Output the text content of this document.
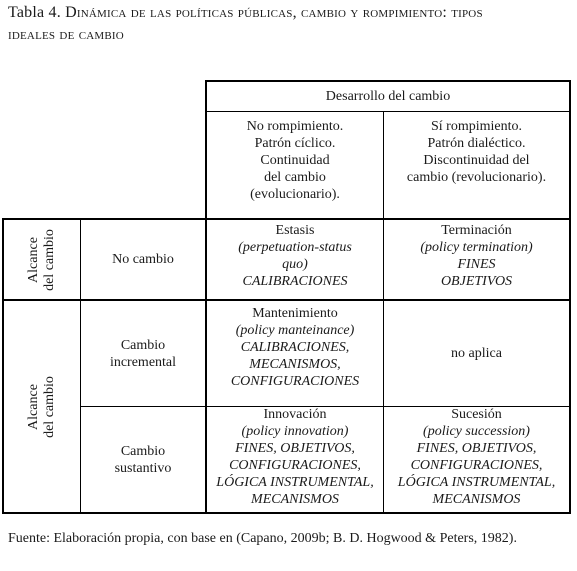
Tabla 4. Dinámica de las políticas públicas, cambio y rompimiento: tipos
ideales de cambio
Desarrollo del cambio
No rompimiento.
Patrón cíclico.
Continuidad
del cambio
(evolucionario).
Sí rompimiento.
Patrón dialéctico.
Discontinuidad del
cambio (revolucionario).
Alcance del cambio
Alcance del cambio
No cambio
Cambio
incremental
Cambio
sustantivo
Estasis
(perpetuation-status
quo)
CALIBRACIONES
Terminación
(policy termination)
FINES
OBJETIVOS
Mantenimiento
(policy manteinance)
CALIBRACIONES,
MECANISMOS,
CONFIGURACIONES
no aplica
Innovación
(policy innovation)
FINES, OBJETIVOS,
CONFIGURACIONES,
LÓGICA INSTRUMENTAL,
MECANISMOS
Sucesión
(policy succession)
FINES, OBJETIVOS,
CONFIGURACIONES,
LÓGICA INSTRUMENTAL,
MECANISMOS
Fuente: Elaboración propia, con base en (Capano, 2009b; B. D. Hogwood & Peters, 1982).
